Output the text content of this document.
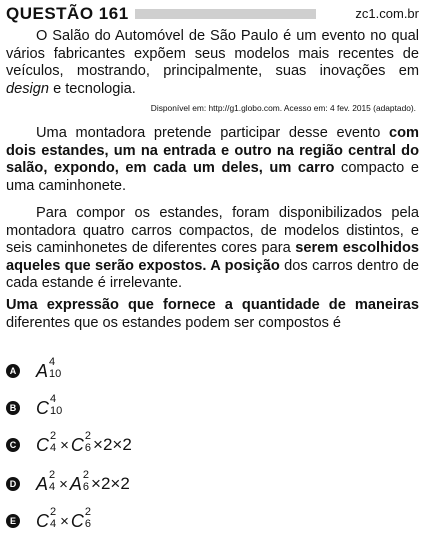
QUESTÃO 161	zc1.com.br
O Salão do Automóvel de São Paulo é um evento no qual vários fabricantes expõem seus modelos mais recentes de veículos, mostrando, principalmente, suas inovações em design e tecnologia.
Disponível em: http://g1.globo.com. Acesso em: 4 fev. 2015 (adaptado).
Uma montadora pretende participar desse evento com dois estandes, um na entrada e outro na região central do salão, expondo, em cada um deles, um carro compacto e uma caminhonete.
Para compor os estandes, foram disponibilizados pela montadora quatro carros compactos, de modelos distintos, e seis caminhonetes de diferentes cores para serem escolhidos aqueles que serão expostos. A posição dos carros dentro de cada estande é irrelevante.
Uma expressão que fornece a quantidade de maneiras diferentes que os estandes podem ser compostos é
A A 4
10
B C 4
10
C C 2
4 × C 2
6 ×2×2
D A 2
4 × A 2
6 ×2×2
E C 2
4 × C 2
6
